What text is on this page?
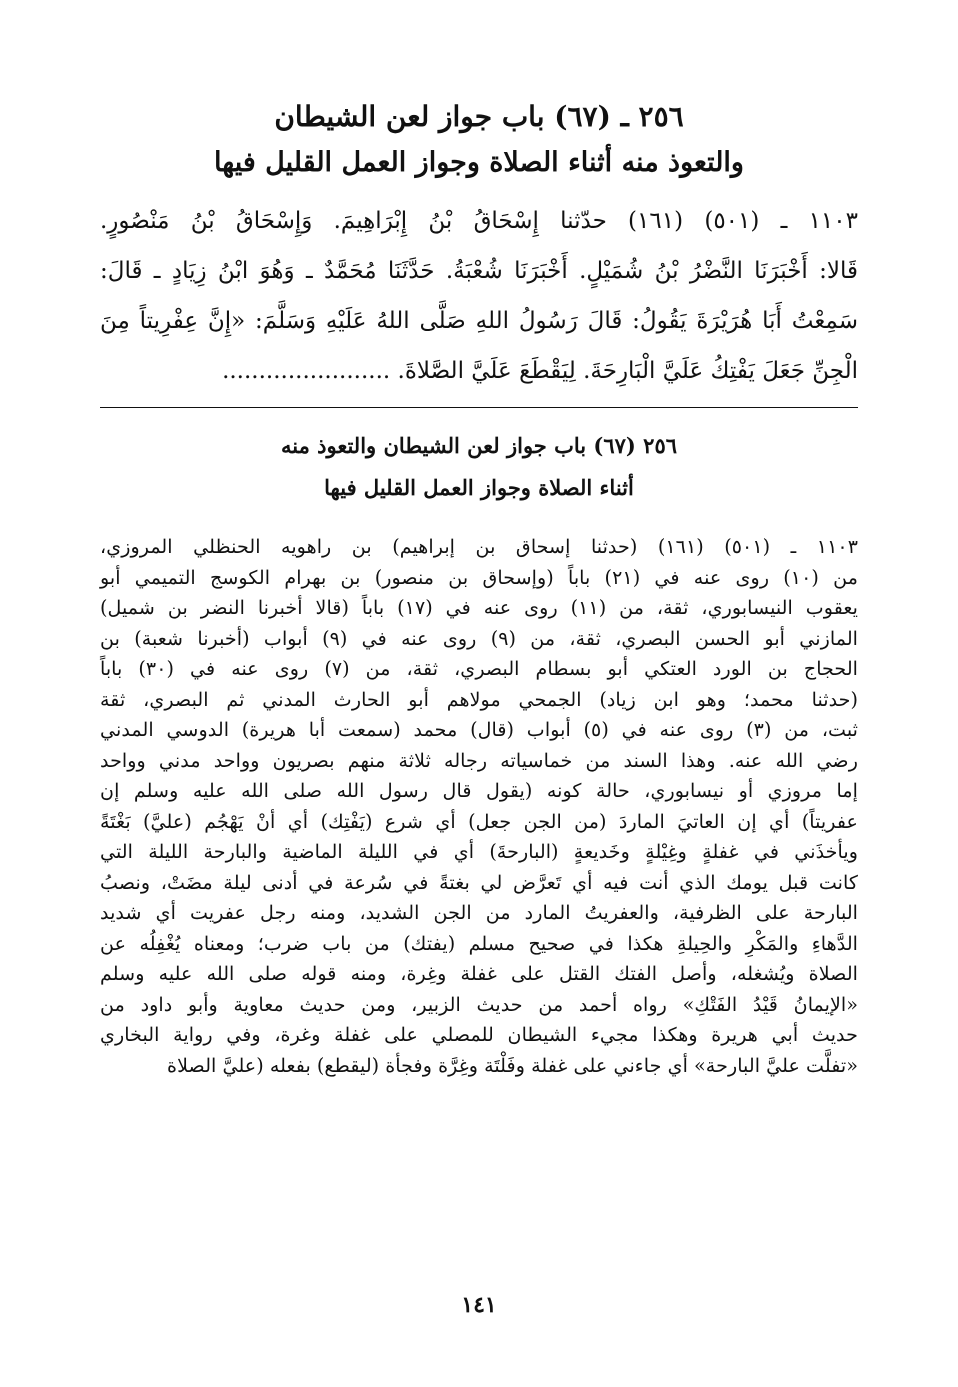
٢٥٦ ـ (٦٧) باب جواز لعن الشيطان
والتعوذ منه أثناء الصلاة وجواز العمل القليل فيها
١١٠٣ ـ (٥٠١) (١٦١) حدّثنا إِسْحَاقُ بْنُ إِبْرَاهِيمَ. وَإِسْحَاقُ بْنُ مَنْصُورٍ.
قَالا: أَخْبَرَنَا النَّضْرُ بْنُ شُمَيْلٍ. أَخْبَرَنَا شُعْبَةُ. حَدَّثَنَا مُحَمَّدٌ ـ وَهُوَ ابْنُ زِيَادٍ ـ قَالَ:
سَمِعْتُ أَبَا هُرَيْرَةَ يَقُولُ: قَالَ رَسُولُ اللهِ صَلَّى اللهُ عَلَيْهِ وَسَلَّمَ: «إِنَّ عِفْرِيتاً مِنَ
الْجِنِّ جَعَلَ يَفْتِكُ عَلَيَّ الْبَارِحَةَ. لِيَقْطَعَ عَلَيَّ الصَّلاةَ. .......................
٢٥٦ (٦٧) باب جواز لعن الشيطان والتعوذ منه
أثناء الصلاة وجواز العمل القليل فيها
١١٠٣ ـ (٥٠١) (١٦١) (حدثنا إسحاق بن إبراهيم) بن راهويه الحنظلي المروزي،
من (١٠) روى عنه في (٢١) باباً (وإسحاق بن منصور) بن بهرام الكوسج التميمي أبو
يعقوب النيسابوري، ثقة، من (١١) روى عنه في (١٧) باباً (قالا أخبرنا النضر بن شميل)
المازني أبو الحسن البصري، ثقة، من (٩) روى عنه في (٩) أبواب (أخبرنا شعبة) بن
الحجاج بن الورد العتكي أبو بسطام البصري، ثقة، من (٧) روى عنه في (٣٠) باباً
(حدثنا محمد؛ وهو ابن زياد) الجمحي مولاهم أبو الحارث المدني ثم البصري، ثقة
ثبت، من (٣) روى عنه في (٥) أبواب (قال) محمد (سمعت أبا هريرة) الدوسي المدني
رضي الله عنه. وهذا السند من خماسياته رجاله ثلاثة منهم بصريون وواحد مدني وواحد
إما مروزي أو نيسابوري، حالة كونه (يقول قال رسول الله صلى الله عليه وسلم إن
عفريتاً) أي إن العاتيَ الماردَ (من الجن جعل) أي شرع (يَفْتِك) أي أنْ يَهْجُم (عليَّ) بَغْتَةً
ويأخذَني في غفلةٍ وغِيْلةٍ وخَديعةٍ (البارحةَ) أي في الليلة الماضية والبارحة الليلة التي
كانت قبل يومك الذي أنت فيه أي تَعرَّض لي بغتةً في سُرعة في أدنى ليلة مضَتْ، ونصبُ
البارحة على الظرفية، والعفريتُ المارد من الجن الشديد، ومنه رجل عفريت أي شديد
الدَّهاءِ والمَكْرِ والحِيلةِ هكذا في صحيح مسلم (يفتك) من باب ضرب؛ ومعناه يُغْفِلُه عن
الصلاة ويُشغله، وأصل الفتك القتل على غفلة وغِرة، ومنه قوله صلى الله عليه وسلم
«الإيمانُ قَيْدُ الفَتْكِ» رواه أحمد من حديث الزبير، ومن حديث معاوية وأبو داود من
حديث أبي هريرة وهكذا مجيء الشيطان للمصلي على غفلة وغرة، وفي رواية البخاري
«تفلَّت عليَّ البارحة» أي جاءني على غفلة وفَلْتَة وغِرَّة وفجأة (ليقطع) بفعله (عليَّ الصلاة
١٤١
